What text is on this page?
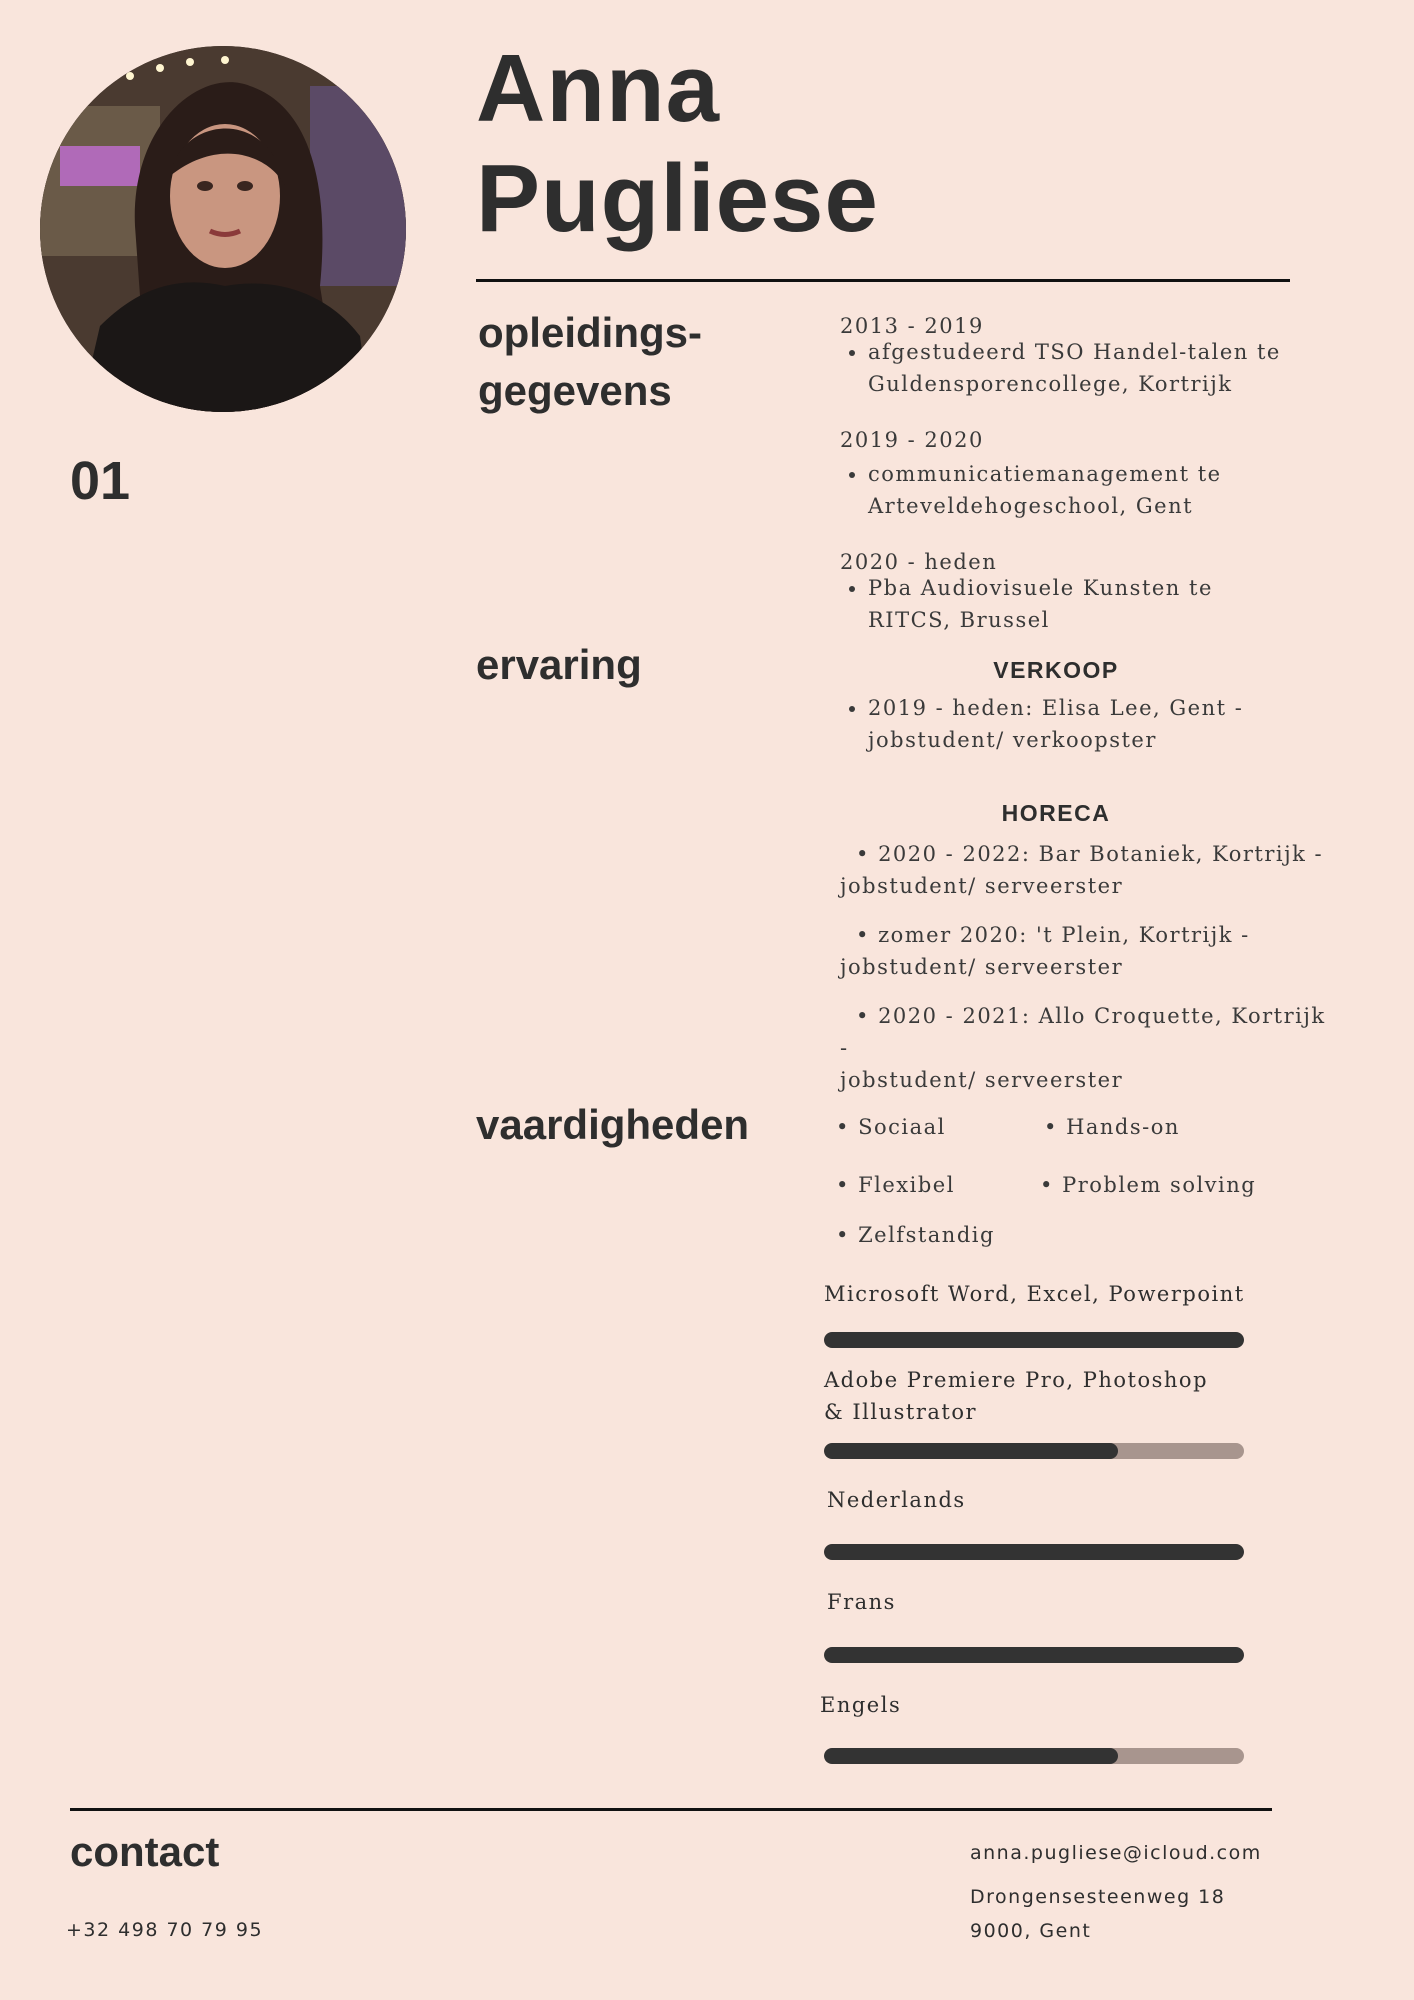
Anna
Pugliese
01
opleidings-
gegevens
2013 - 2019
• afgestudeerd TSO Handel-talen te
Guldensporencollege, Kortrijk
2019 - 2020
• communicatiemanagement te
Arteveldehogeschool, Gent
2020 - heden
• Pba Audiovisuele Kunsten te
RITCS, Brussel
ervaring	VERKOOP
• 2019 - heden: Elisa Lee, Gent -
jobstudent/ verkoopster
HORECA
• 2020 - 2022: Bar Botaniek, Kortrijk -
jobstudent/ serveerster
• zomer 2020: 't Plein, Kortrijk -
jobstudent/ serveerster
• 2020 - 2021: Allo Croquette, Kortrijk -
jobstudent/ serveerster
vaardigheden	• Sociaal	• Hands-on
• Flexibel	• Problem solving
• Zelfstandig
Microsoft Word, Excel, Powerpoint
Adobe Premiere Pro, Photoshop
& Illustrator
Nederlands
Frans
Engels
contact
+32 498 70 79 95
anna.pugliese@icloud.com
Drongensesteenweg 18
9000, Gent
